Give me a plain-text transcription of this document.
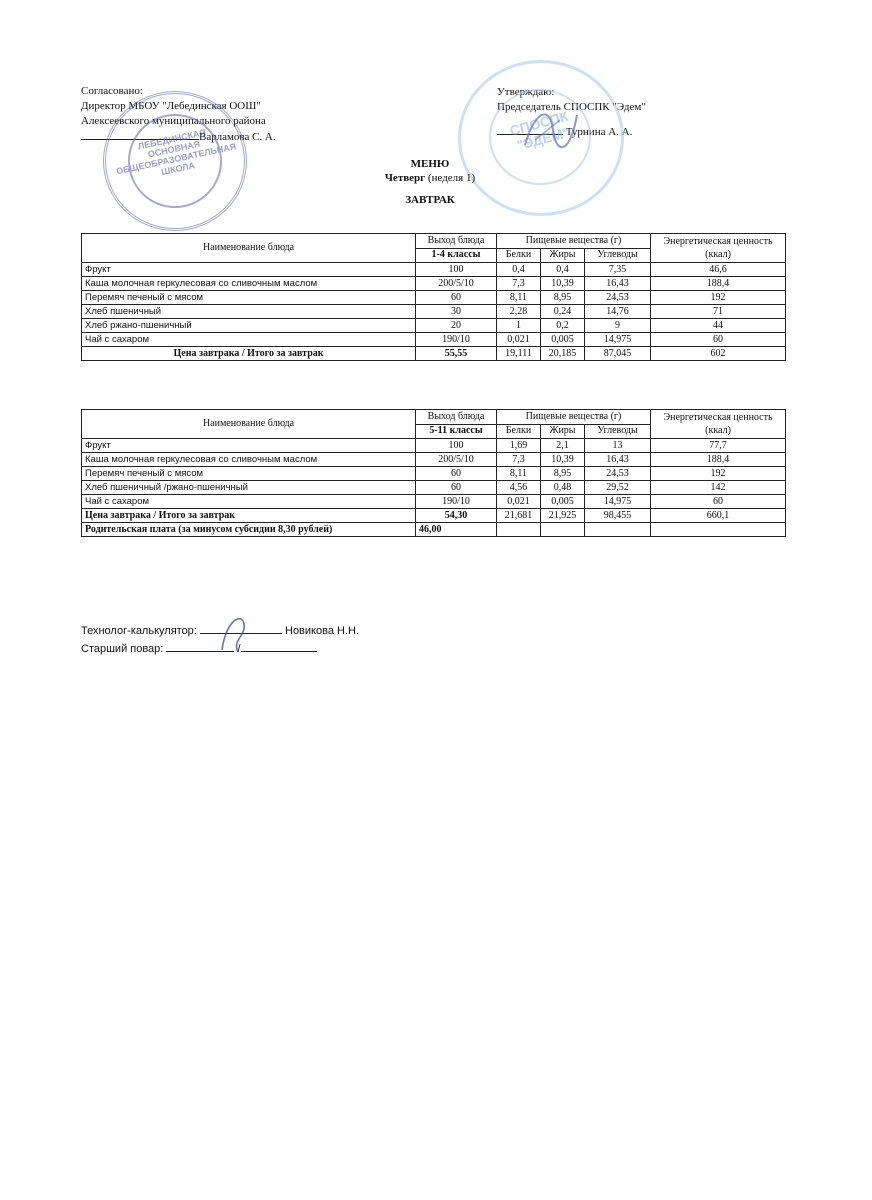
Согласовано:
Директор МБОУ "Лебединская ООШ"
Алексеевского муниципального района
Варламова С. А.
Утверждаю:
Председатель СПОСПК "Эдем"
Турнина А. А.
ЛЕБЕДИНСКАЯ ОСНОВНАЯ ОБЩЕОБРАЗОВАТЕЛЬНАЯ ШКОЛА
СПОСПК "ЭДЕМ"
МЕНЮ
Четверг (неделя 1)
ЗАВТРАК
Наименование блюда	Выход блюда	Пищевые вещества (г)			Энергетическая ценность (ккал)
	1-4 классы	Белки	Жиры	Углеводы	
Фрукт	100	0,4	0,4	7,35	46,6
Каша молочная геркулесовая со сливочным маслом	200/5/10	7,3	10,39	16,43	188,4
Перемяч печеный с мясом	60	8,11	8,95	24,53	192
Хлеб пшеничный	30	2,28	0,24	14,76	71
Хлеб ржано-пшеничный	20	1	0,2	9	44
Чай с сахаром	190/10	0,021	0,005	14,975	60
Цена завтрака / Итого за завтрак	55,55	19,111	20,185	87,045	602
Наименование блюда	Выход блюда	Пищевые вещества (г)			Энергетическая ценность (ккал)
	5-11 классы	Белки	Жиры	Углеводы	
Фрукт	100	1,69	2,1	13	77,7
Каша молочная геркулесовая со сливочным маслом	200/5/10	7,3	10,39	16,43	188,4
Перемяч печеный с мясом	60	8,11	8,95	24,53	192
Хлеб пшеничный /ржано-пшеничный	60	4,56	0,48	29,52	142
Чай с сахаром	190/10	0,021	0,005	14,975	60
Цена завтрака / Итого за завтрак	54,30	21,681	21,925	98,455	660,1
Родительская плата (за минусом субсидии 8,30 рублей)	46,00				
Технолог-калькулятор:	Новикова Н.Н.
Старший повар:	/
